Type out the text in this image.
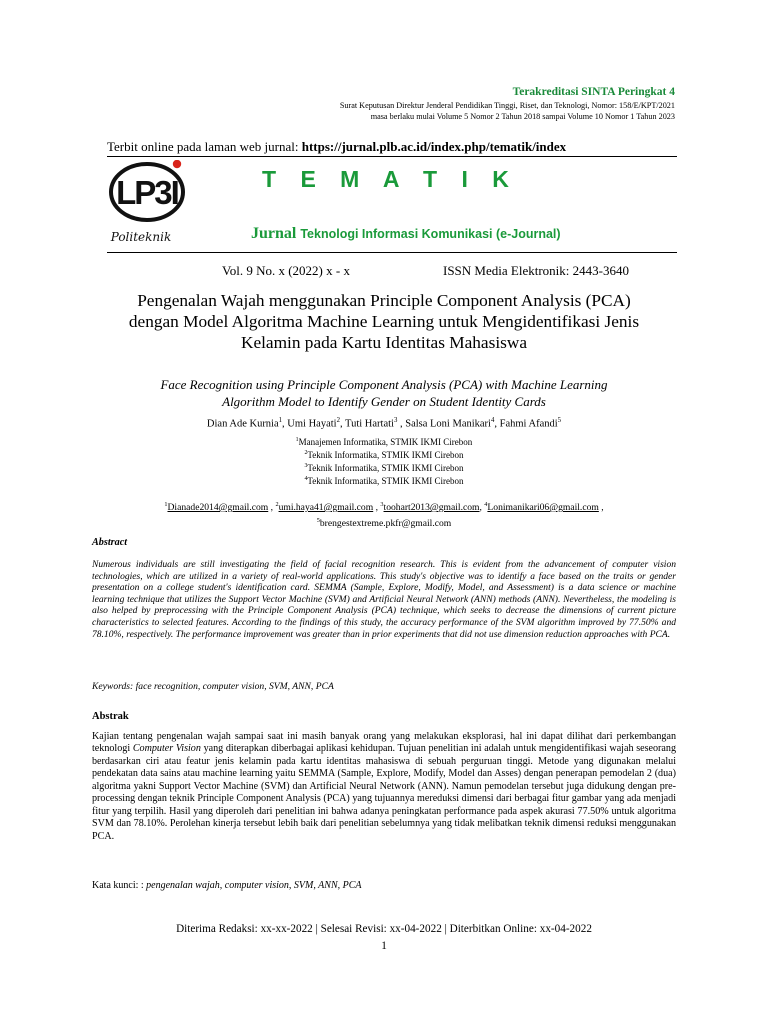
Terakreditasi SINTA Peringkat 4
Surat Keputusan Direktur Jenderal Pendidikan Tinggi, Riset, dan Teknologi, Nomor: 158/E/KPT/2021
masa berlaku mulai Volume 5 Nomor 2 Tahun 2018 sampai Volume 10 Nomor 1 Tahun 2023
Terbit online pada laman web jurnal: https://jurnal.plb.ac.id/index.php/tematik/index
LP3I
Politeknik
T E M A T I K
Jurnal Teknologi Informasi Komunikasi (e-Journal)
Vol. 9 No. x (2022) x - x	ISSN Media Elektronik: 2443-3640
Pengenalan Wajah menggunakan Principle Component Analysis (PCA)
dengan Model Algoritma Machine Learning untuk Mengidentifikasi Jenis
Kelamin pada Kartu Identitas Mahasiswa
Face Recognition using Principle Component Analysis (PCA) with Machine Learning
Algorithm Model to Identify Gender on Student Identity Cards
Dian Ade Kurnia$^1$, Umi Hayati$^2$, Tuti Hartati$^3$ , Salsa Loni Manikari$^4$, Fahmi Afandi$^5$
$^1$Manajemen Informatika, STMIK IKMI Cirebon
$^2$Teknik Informatika, STMIK IKMI Cirebon
$^3$Teknik Informatika, STMIK IKMI Cirebon
$^4$Teknik Informatika, STMIK IKMI Cirebon
$^1$Dianade2014@gmail.com , $^2$umi.haya41@gmail.com , $^3$toohart2013@gmail.com, $^4$Lonimanikari06@gmail.com ,
$^5$brengestextreme.pkfr@gmail.com
Abstract
Numerous individuals are still investigating the field of facial recognition research. This is evident from the advancement of computer vision technologies, which are utilized in a variety of real-world applications. This study's objective was to identify a face based on the traits or gender presentation on a college student's identification card. SEMMA (Sample, Explore, Modify, Model, and Assessment) is a data science or machine learning technique that utilizes the Support Vector Machine (SVM) and Artificial Neural Network (ANN) methods (ANN). Nevertheless, the modeling is also helped by preprocessing with the Principle Component Analysis (PCA) technique, which seeks to decrease the dimensions of current picture characteristics to selected features. According to the findings of this study, the accuracy performance of the SVM algorithm improved by 77.50% and 78.10%, respectively. The performance improvement was greater than in prior experiments that did not use dimension reduction approaches with PCA.
Keywords: face recognition, computer vision, SVM, ANN, PCA
Abstrak
Kajian tentang pengenalan wajah sampai saat ini masih banyak orang yang melakukan eksplorasi, hal ini dapat dilihat dari perkembangan teknologi Computer Vision yang diterapkan diberbagai aplikasi kehidupan. Tujuan penelitian ini adalah untuk mengidentifikasi wajah seseorang berdasarkan ciri atau featur jenis kelamin pada kartu identitas mahasiswa di sebuah perguruan tinggi. Metode yang digunakan melalui pendekatan data sains atau machine learning yaitu SEMMA (Sample, Explore, Modify, Model dan Asses) dengan penerapan pemodelan 2 (dua) algoritma yakni Support Vector Machine (SVM) dan Artificial Neural Network (ANN). Namun pemodelan tersebut juga didukung dengan pre-processing dengan teknik Principle Component Analysis (PCA) yang tujuannya mereduksi dimensi dari berbagai fitur gambar yang ada menjadi fitur yang terpilih. Hasil yang diperoleh dari penelitian ini bahwa adanya peningkatan performance pada aspek akurasi 77.50% untuk algoritma SVM dan 78.10%. Perolehan kinerja tersebut lebih baik dari penelitian sebelumnya yang tidak melibatkan teknik dimensi reduksi menggunakan PCA.
Kata kunci: : pengenalan wajah, computer vision, SVM, ANN, PCA
Diterima Redaksi: xx-xx-2022 | Selesai Revisi: xx-04-2022 | Diterbitkan Online: xx-04-2022
1
